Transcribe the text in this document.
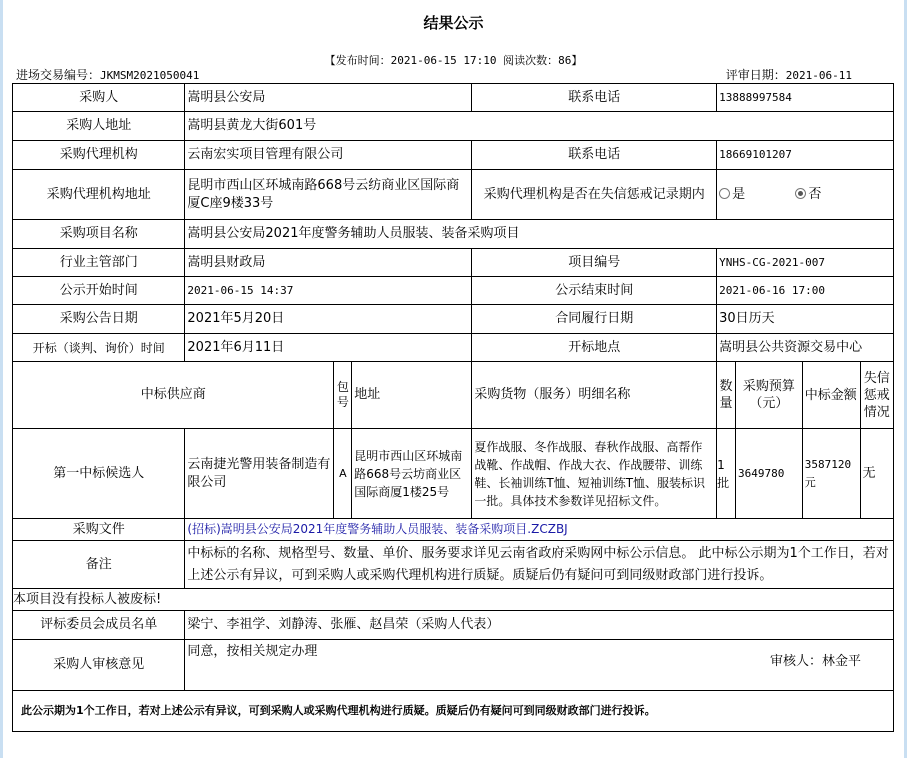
结果公示
【发布时间：2021-06-15 17:10 阅读次数：86】
进场交易编号：JKMSM2021050041	评审日期：2021-06-11
采购人	嵩明县公安局			联系电话	13888997584			
采购人地址	嵩明县黄龙大街601号							
采购代理机构	云南宏实项目管理有限公司			联系电话	18669101207			
采购代理机构地址	昆明市西山区环城南路668号云纺商业区国际商厦C座9楼33号			采购代理机构是否在失信惩戒记录期内	是 否			
采购项目名称	嵩明县公安局2021年度警务辅助人员服装、装备采购项目							
行业主管部门	嵩明县财政局			项目编号	YNHS-CG-2021-007			
公示开始时间	2021-06-15 14:37			公示结束时间	2021-06-16 17:00			
采购公告日期	2021年5月20日			合同履行日期	30日历天			
开标（谈判、询价）时间	2021年6月11日			开标地点	嵩明县公共资源交易中心			
中标供应商		包号	地址	采购货物（服务）明细名称	数量	采购预算（元）	中标金额	失信惩戒情况
第一中标候选人	云南捷光警用装备制造有限公司	A	昆明市西山区环城南路668号云坊商业区国际商厦1楼25号	夏作战服、冬作战服、春秋作战服、高帮作战靴、作战帽、作战大衣、作战腰带、训练鞋、长袖训练T恤、短袖训练T恤、服装标识一批。具体技术参数详见招标文件。	1批	3649780	3587120元	无
采购文件	(招标)嵩明县公安局2021年度警务辅助人员服装、装备采购项目.ZCZBJ							
备注	中标标的名称、规格型号、数量、单价、服务要求详见云南省政府采购网中标公示信息。 此中标公示期为1个工作日，若对上述公示有异议，可到采购人或采购代理机构进行质疑。质疑后仍有疑问可到同级财政部门进行投诉。							
本项目没有投标人被废标!								
评标委员会成员名单	梁宁、李祖学、刘静涛、张雁、赵昌荣（采购人代表）							
采购人审核意见	同意，按相关规定办理
审核人：林金平							

此公示期为1个工作日，若对上述公示有异议，可到采购人或采购代理机构进行质疑。质疑后仍有疑问可到同级财政部门进行投诉。								
